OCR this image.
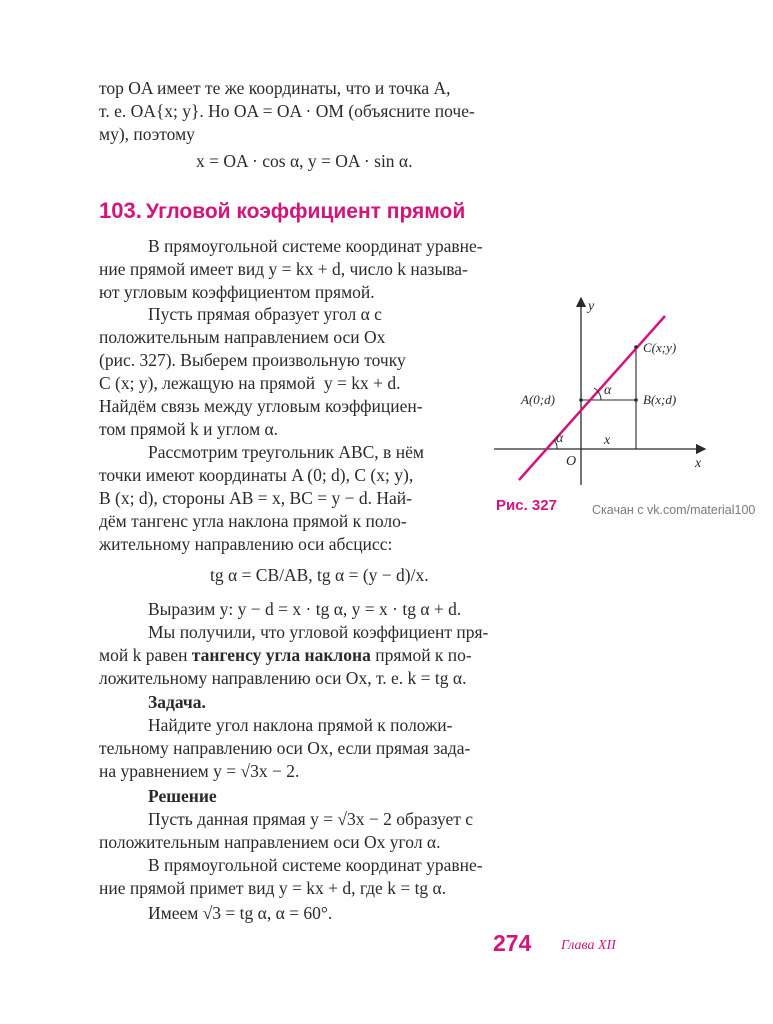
тор OA имеет те же координаты, что и точка A,
т. е. OA{x; y}. Но OA = OA · OM (объясните поче-
му), поэтому
x = OA · cos α, y = OA · sin α.
103. Угловой коэффициент прямой
В прямоугольной системе координат уравне-
ние прямой имеет вид y = kx + d, число k называ-
ют угловым коэффициентом прямой.
Пусть прямая образует угол α с
положительным направлением оси Ox
(рис. 327). Выберем произвольную точку
C (x; y), лежащую на прямой  y = kx + d.
Найдём связь между угловым коэффициен-
том прямой k и углом α.
Рассмотрим треугольник ABC, в нём
точки имеют координаты A (0; d), C (x; y),
B (x; d), стороны AB = x, BC = y − d. Най-
дём тангенс угла наклона прямой к поло-
жительному направлению оси абсцисс:
tg α = CB/AB, tg α = (y − d)/x.
Выразим y: y − d = x · tg α, y = x · tg α + d.
Мы получили, что угловой коэффициент пря-
мой k равен тангенсу угла наклона прямой к по-
ложительному направлению оси Ox, т. е. k = tg α.
Задача.
Найдите угол наклона прямой к положи-
тельному направлению оси Ox, если прямая зада-
на уравнением y = √3x − 2.
Решение
Пусть данная прямая y = √3x − 2 образует с
положительным направлением оси Ox угол α.
В прямоугольной системе координат уравне-
ние прямой примет вид y = kx + d, где k = tg α.
Имеем √3 = tg α, α = 60°.
y
x
O
A(0;d)	B(x;d)
C(x;y)
α
α	x
Рис. 327	Скачан с vk.com/material100
274 Глава XII
